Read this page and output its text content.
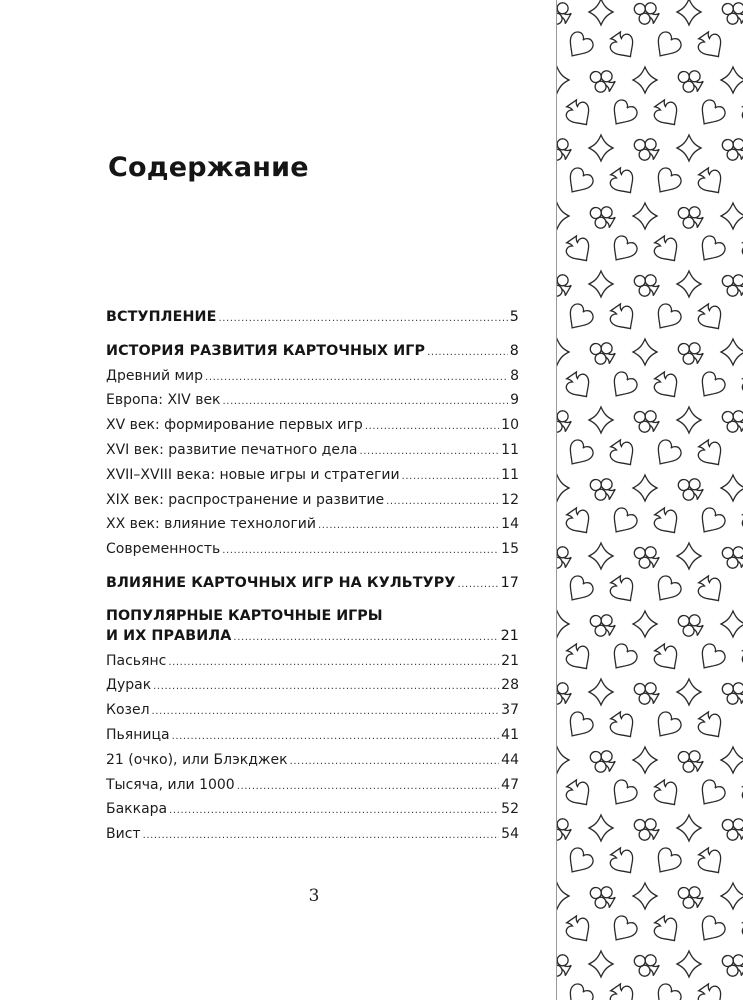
Содержание
ВСТУПЛЕНИЕ .....	5
ИСТОРИЯ РАЗВИТИЯ КАРТОЧНЫХ ИГР .....	8
Древний мир .....	8
Европа: XIV век .....	9
XV век: формирование первых игр .....	10
XVI век: развитие печатного дела .....	11
XVII–XVIII века: новые игры и стратегии .....	11
XIX век: распространение и развитие .....	12
XX век: влияние технологий .....	14
Современность .....	15
ВЛИЯНИЕ КАРТОЧНЫХ ИГР НА КУЛЬТУРУ .....	17
ПОПУЛЯРНЫЕ КАРТОЧНЫЕ ИГРЫ
И ИХ ПРАВИЛА .....	21
Пасьянс .....	21
Дурак .....	28
Козел .....	37
Пьяница .....	41
21 (очко), или Блэкджек .....	44
Тысяча, или 1000 .....	47
Баккара .....	52
Вист .....	54
3
